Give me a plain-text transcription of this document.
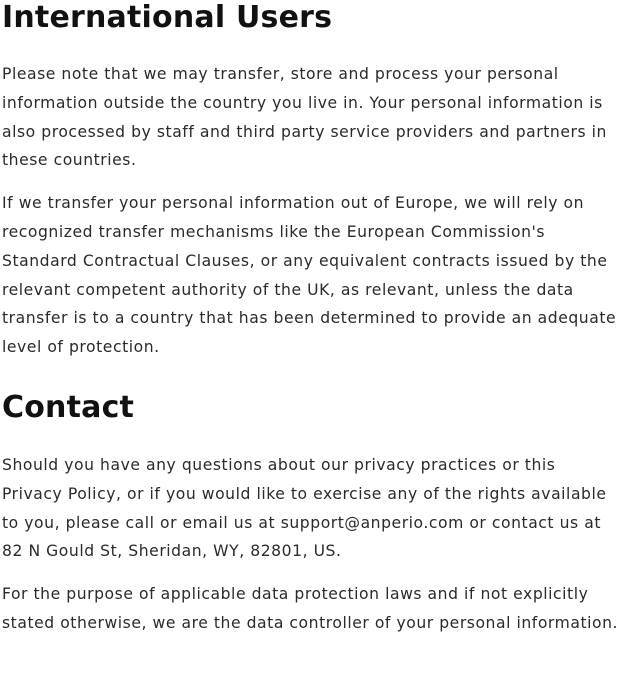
International Users

Please note that we may transfer, store and process your personal information outside the country you live in. Your personal information is also processed by staff and third party service providers and partners in these countries.

If we transfer your personal information out of Europe, we will rely on recognized transfer mechanisms like the European Commission's Standard Contractual Clauses, or any equivalent contracts issued by the relevant competent authority of the UK, as relevant, unless the data transfer is to a country that has been determined to provide an adequate level of protection.

Contact

Should you have any questions about our privacy practices or this Privacy Policy, or if you would like to exercise any of the rights available to you, please call or email us at support@anperio.com or contact us at 82 N Gould St, Sheridan, WY, 82801, US.

For the purpose of applicable data protection laws and if not explicitly stated otherwise, we are the data controller of your personal information.
